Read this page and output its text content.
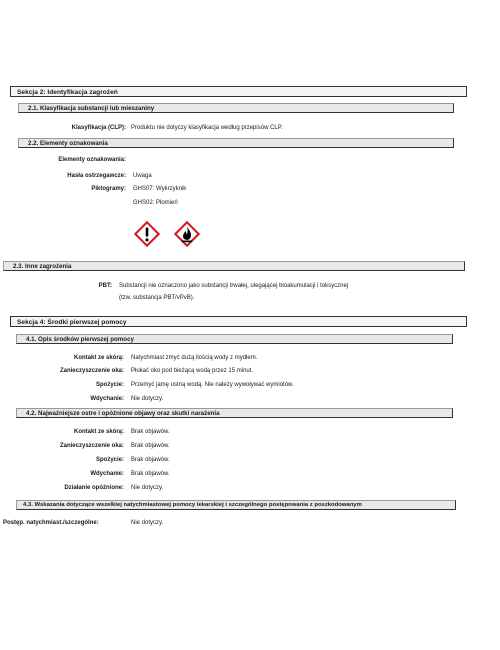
Sekcja 2: Identyfikacja zagrożeń
2.1. Klasyfikacja substancji lub mieszaniny
Klasyfikacja (CLP): Produktu nie dotyczy klasyfikacja według przepisów CLP.
2.2. Elementy oznakowania
Elementy oznakowania:
Hasła ostrzegawcze: Uwaga
Piktogramy: GHS07: Wykrzyknik
GHS02: Płomień
2.3. Inne zagrożenia
PBT: Substancji nie oznaczono jako substancji trwałej, ulegającej bioakumulacji i toksycznej
(tzw. substancja PBT/vPvB).
Sekcja 4: Środki pierwszej pomocy
4.1. Opis środków pierwszej pomocy
Kontakt ze skórą: Natychmiast zmyć dużą ilością wody z mydłem.
Zanieczyszczenie oka: Płukać oko pod bieżącą wodą przez 15 minut.
Spożycie: Przemyć jamę ustną wodą. Nie należy wywoływać wymiotów.
Wdychanie: Nie dotyczy.
4.2. Najważniejsze ostre i opóźnione objawy oraz skutki narażenia
Kontakt ze skórą: Brak objawów.
Zanieczyszczenie oka: Brak objawów.
Spożycie: Brak objawów.
Wdychanie: Brak objawów.
Działanie opóźnione: Nie dotyczy.
4.3. Wskazania dotyczące wszelkiej natychmiastowej pomocy lekarskiej i szczególnego postępowania z poszkodowanym
Postęp. natychmiast./szczególne:	Nie dotyczy.
